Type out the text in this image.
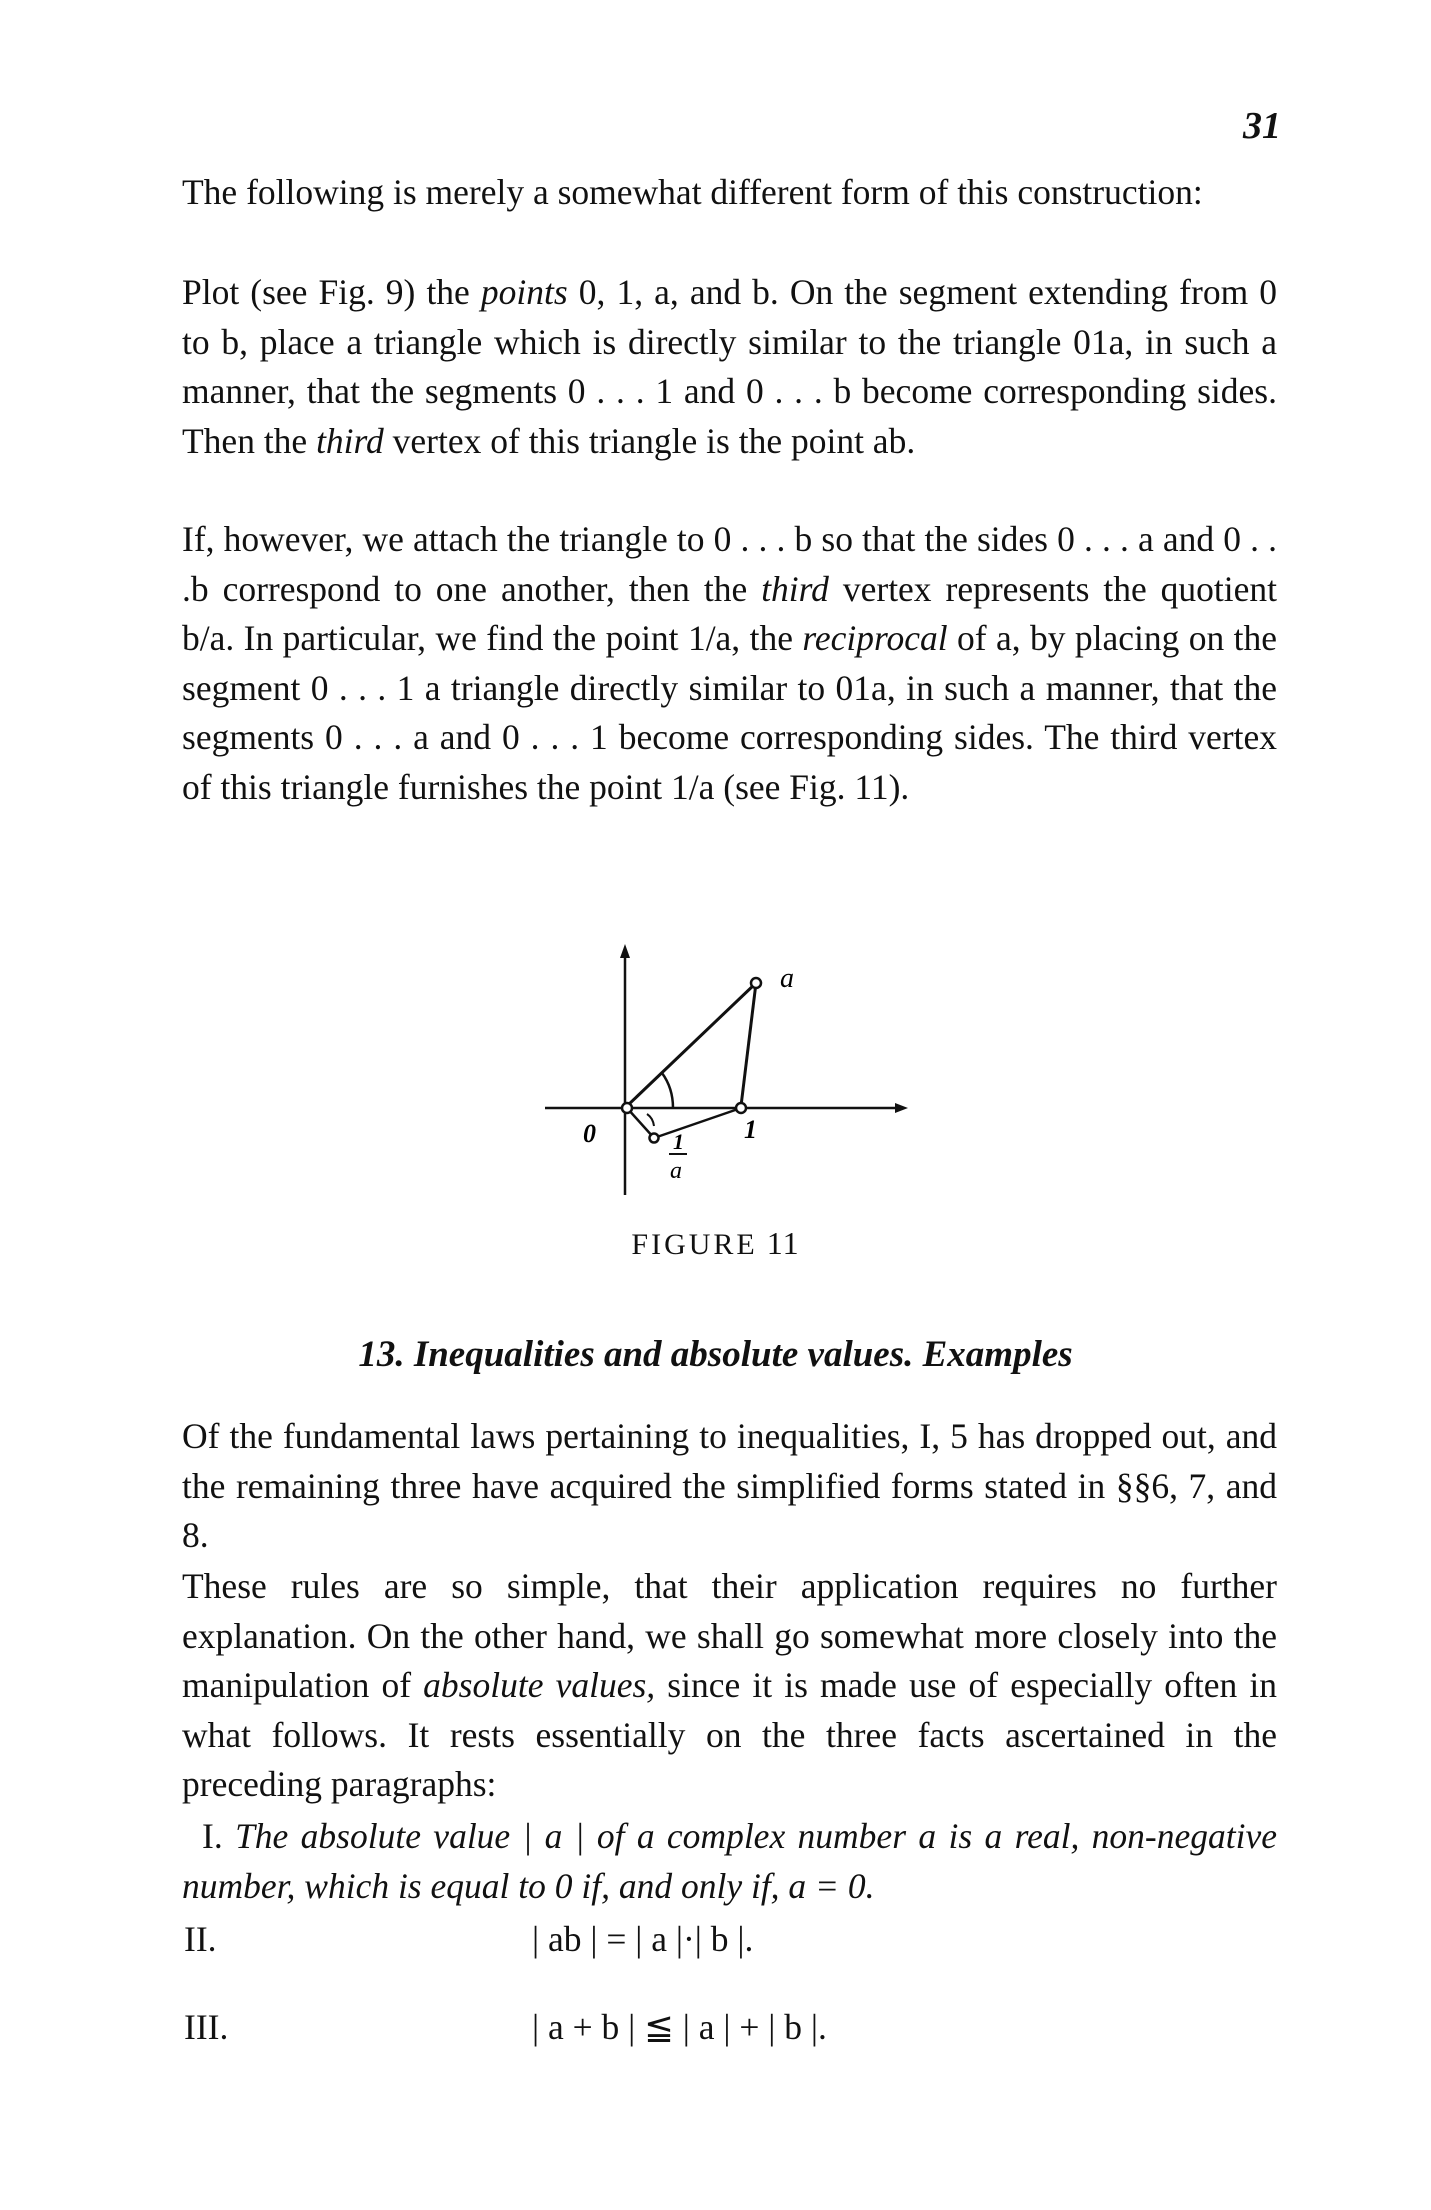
31

The following is merely a somewhat different form of this construction:

Plot (see Fig. 9) the points 0, 1, a, and b. On the segment extending from 0 to b, place a triangle which is directly similar to the triangle 01a, in such a manner, that the segments 0 . . . 1 and 0 . . . b become corresponding sides. Then the third vertex of this triangle is the point ab.

If, however, we attach the triangle to 0 . . . b so that the sides 0 . . . a and 0 . . .b correspond to one another, then the third vertex represents the quotient b/a. In particular, we find the point 1/a, the reciprocal of a, by placing on the segment 0 . . . 1 a triangle directly similar to 01a, in such a manner, that the segments 0 . . . a and 0 . . . 1 become corresponding sides. The third vertex of this triangle furnishes the point 1/a (see Fig. 11).

a
0	1
1
a
FIGURE 11
13. Inequalities and absolute values. Examples

Of the fundamental laws pertaining to inequalities, I, 5 has dropped out, and the remaining three have acquired the simplified forms stated in §§6, 7, and 8.

These rules are so simple, that their application requires no further explanation. On the other hand, we shall go somewhat more closely into the manipulation of absolute values, since it is made use of especially often in what follows. It rests essentially on the three facts ascertained in the preceding paragraphs:

I. The absolute value | a | of a complex number a is a real, non-negative number, which is equal to 0 if, and only if, a = 0.

II.	| ab | = | a |·| b |.
III.	| a + b | ≦ | a | + | b |.
